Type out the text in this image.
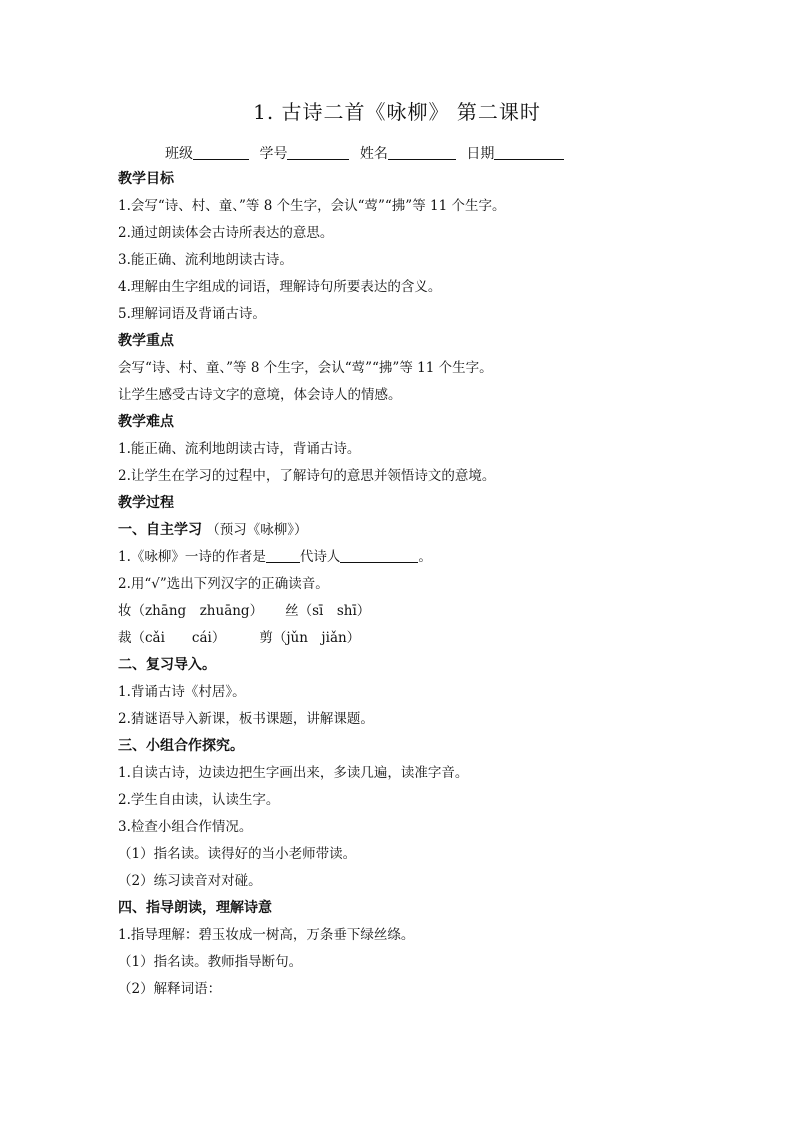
1. 古诗二首《咏柳》 第二课时
班级	学号	姓名	日期

教学目标

1.会写“诗、村、童、”等 8 个生字，会认“莺”“拂”等 11 个生字。

2.通过朗读体会古诗所表达的意思。

3.能正确、流利地朗读古诗。

4.理解由生字组成的词语，理解诗句所要表达的含义。

5.理解词语及背诵古诗。

教学重点

会写“诗、村、童、”等 8 个生字，会认“莺”“拂”等 11 个生字。

让学生感受古诗文字的意境，体会诗人的情感。

教学难点

1.能正确、流利地朗读古诗，背诵古诗。

2.让学生在学习的过程中，了解诗句的意思并领悟诗文的意境。

教学过程

一、自主学习 （预习《咏柳》）

1.《咏柳》一诗的作者是	代诗人	。

2.用“√”选出下列汉字的正确读音。

妆（zhāng　zhuāng） 丝（sī　shī）

裁（cǎi　　cái）	剪（jǔn　jiǎn）

二、复习导入。

1.背诵古诗《村居》。

2.猜谜语导入新课，板书课题，讲解课题。

三、小组合作探究。

1.自读古诗，边读边把生字画出来，多读几遍，读准字音。

2.学生自由读，认读生字。

3.检查小组合作情况。

（1）指名读。读得好的当小老师带读。

（2）练习读音对对碰。

四、指导朗读，理解诗意

1.指导理解：碧玉妆成一树高，万条垂下绿丝绦。

（1）指名读。教师指导断句。

（2）解释词语：
